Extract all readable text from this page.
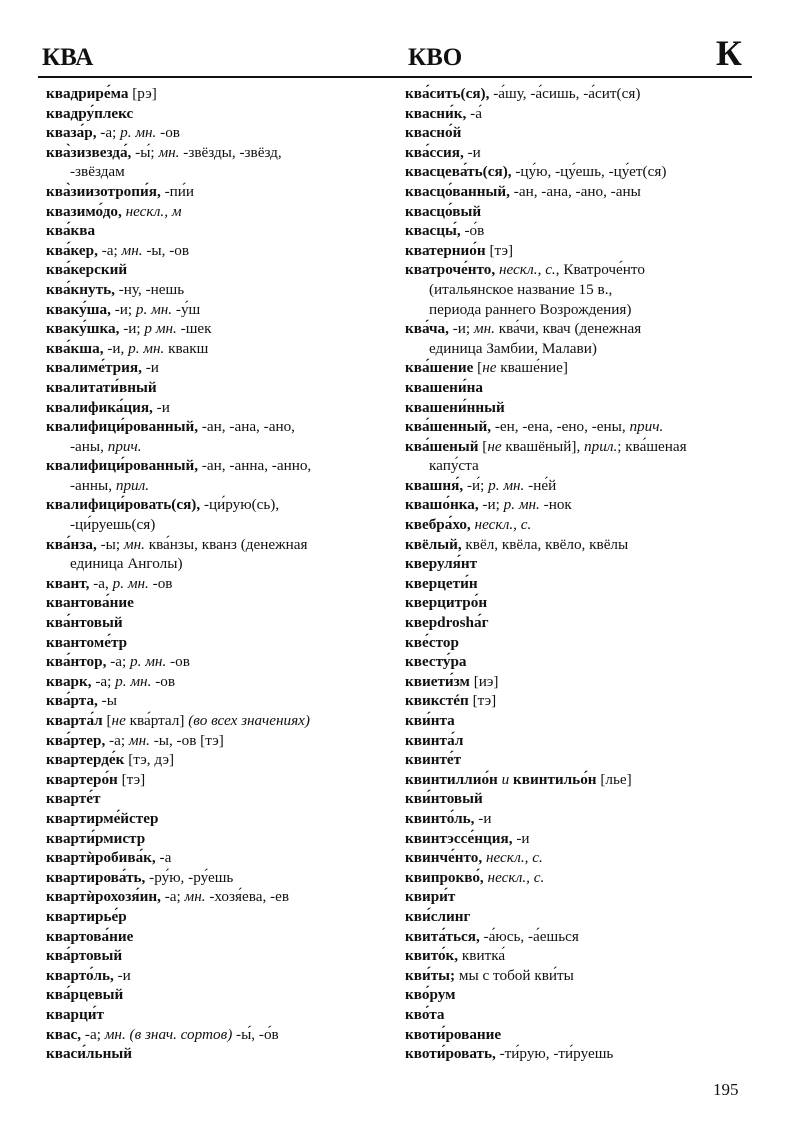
КВА	КВО	К
квадрире́ма [рэ]
квадру́плекс
кваза́р, -а; р. мн. -ов
ква̀зизвезда́, -ы́; мн. -звёзды, -звёзд,
-звёздам
ква̀зиизотропи́я, -пи́и
квазимо́до, нескл., м
ква́ква
ква́кер, -а; мн. -ы, -ов
ква́керский
ква́кнуть, -ну, -нешь
кваку́ша, -и; р. мн. -у́ш
кваку́шка, -и; р мн. -шек
ква́кша, -и, р. мн. квакш
квалиме́трия, -и
квалитати́вный
квалифика́ция, -и
квалифици́рованный, -ан, -ана, -ано,
-аны, прич.
квалифици́рованный, -ан, -анна, -анно,
-анны, прил.
квалифици́ровать(ся), -ци́рую(сь),
-ци́руешь(ся)
ква́нза, -ы; мн. ква́нзы, кванз (денежная
единица Анголы)
квант, -а, р. мн. -ов
квантова́ние
ква́нтовый
квантоме́тр
ква́нтор, -а; р. мн. -ов
кварк, -а; р. мн. -ов
ква́рта, -ы
кварта́л [не ква́ртал] (во всех значениях)
ква́ртер, -а; мн. -ы, -ов [тэ]
квартерде́к [тэ, дэ]
квартеро́н [тэ]
кварте́т
квартирме́йстер
кварти́рмистр
квартѝробива́к, -а
квартирова́ть, -ру́ю, -ру́ешь
квартѝрохозя́ин, -а; мн. -хозя́ева, -ев
квартирье́р
квартова́ние
ква́ртовый
кварто́ль, -и
ква́рцевый
кварци́т
квас, -а; мн. (в знач. сортов) -ы́, -о́в
кваси́льный
ква́сить(ся), -а́шу, -а́сишь, -а́сит(ся)
квасни́к, -а́
квасно́й
ква́ссия, -и
квасцева́ть(ся), -цу́ю, -цу́ешь, -цу́ет(ся)
квасцо́ванный, -ан, -ана, -ано, -аны
квасцо́вый
квасцы́, -о́в
кватернио́н [тэ]
кватроче́нто, нескл., с., Кватроче́нто
(итальянское название 15 в.,
периода раннего Возрождения)
ква́ча, -и; мн. ква́чи, квач (денежная
единица Замбии, Малави)
ква́шение [не кваше́ние]
квашени́на
квашени́нный
ква́шенный, -ен, -ена, -ено, -ены, прич.
ква́шеный [не квашёный], прил.; ква́шеная
капу́ста
квашня́, -и́; р. мн. -не́й
квашо́нка, -и; р. мн. -нок
квебра́хо, нескл., с.
квёлый, квёл, квёла, квёло, квёлы
кверуля́нт
кверцети́н
кверцитро́н
кверdroshа́г
кве́стор
квесту́ра
квиети́зм [иэ]
квикстéп [тэ]
кви́нта
квинта́л
квинте́т
квинтиллио́н и квинтильо́н [лье]
кви́нтовый
квинто́ль, -и
квинтэссе́нция, -и
квинче́нто, нескл., с.
квипрокво́, нескл., с.
квири́т
кви́слинг
квита́ться, -а́юсь, -а́ешься
квито́к, квитка́
кви́ты; мы с тобой кви́ты
кво́рум
кво́та
квоти́рование
квоти́ровать, -ти́рую, -ти́руешь
195
